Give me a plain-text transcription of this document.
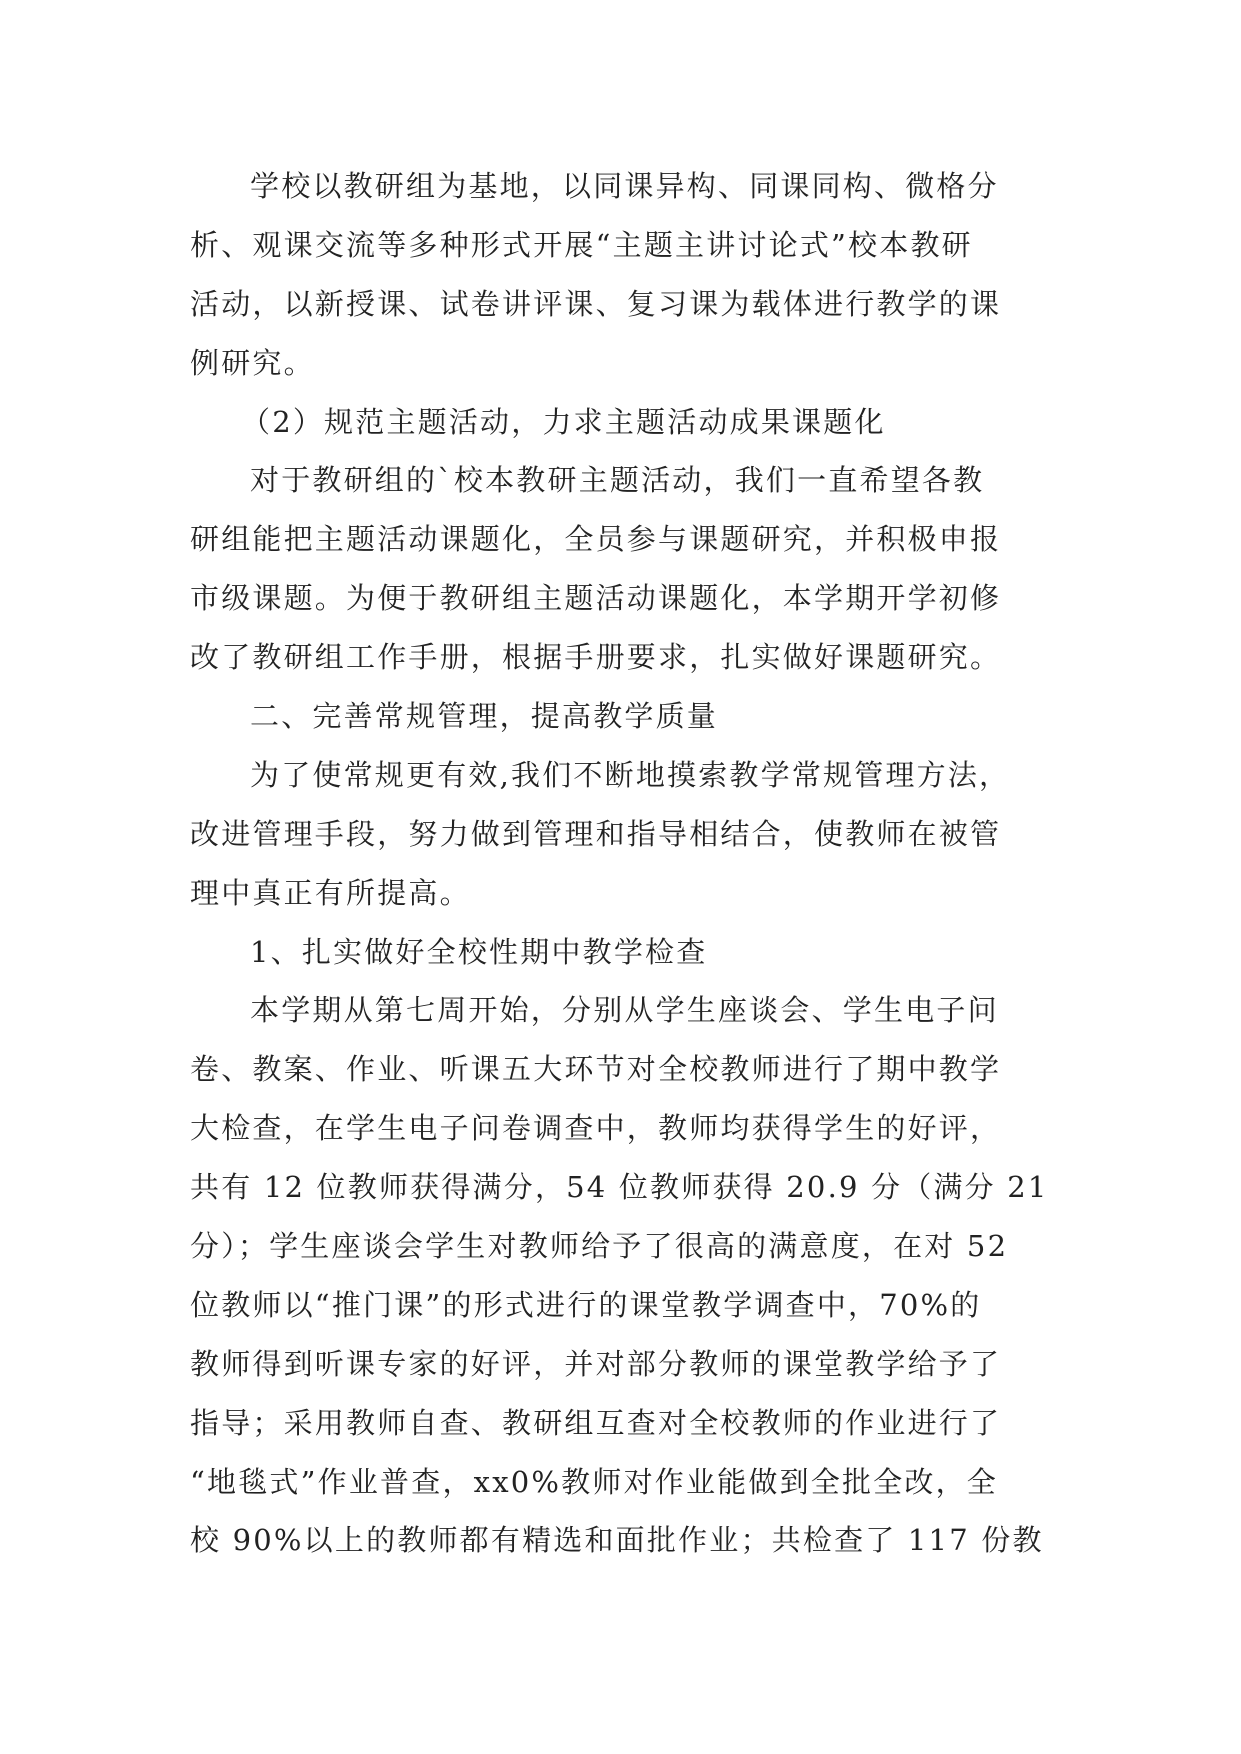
学校以教研组为基地，以同课异构、同课同构、微格分
析、观课交流等多种形式开展“主题主讲讨论式”校本教研
活动，以新授课、试卷讲评课、复习课为载体进行教学的课
例研究。
（2）规范主题活动，力求主题活动成果课题化
对于教研组的`校本教研主题活动，我们一直希望各教
研组能把主题活动课题化，全员参与课题研究，并积极申报
市级课题。为便于教研组主题活动课题化，本学期开学初修
改了教研组工作手册，根据手册要求，扎实做好课题研究。
二、完善常规管理，提高教学质量
为了使常规更有效,我们不断地摸索教学常规管理方法，
改进管理手段，努力做到管理和指导相结合，使教师在被管
理中真正有所提高。
1、扎实做好全校性期中教学检查
本学期从第七周开始，分别从学生座谈会、学生电子问
卷、教案、作业、听课五大环节对全校教师进行了期中教学
大检查，在学生电子问卷调查中，教师均获得学生的好评，
共有 12 位教师获得满分，54 位教师获得 20.9 分（满分 21
分）；学生座谈会学生对教师给予了很高的满意度，在对 52
位教师以“推门课”的形式进行的课堂教学调查中，70%的
教师得到听课专家的好评，并对部分教师的课堂教学给予了
指导；采用教师自查、教研组互查对全校教师的作业进行了
“地毯式”作业普查，xx0%教师对作业能做到全批全改，全
校 90%以上的教师都有精选和面批作业；共检查了 117 份教
